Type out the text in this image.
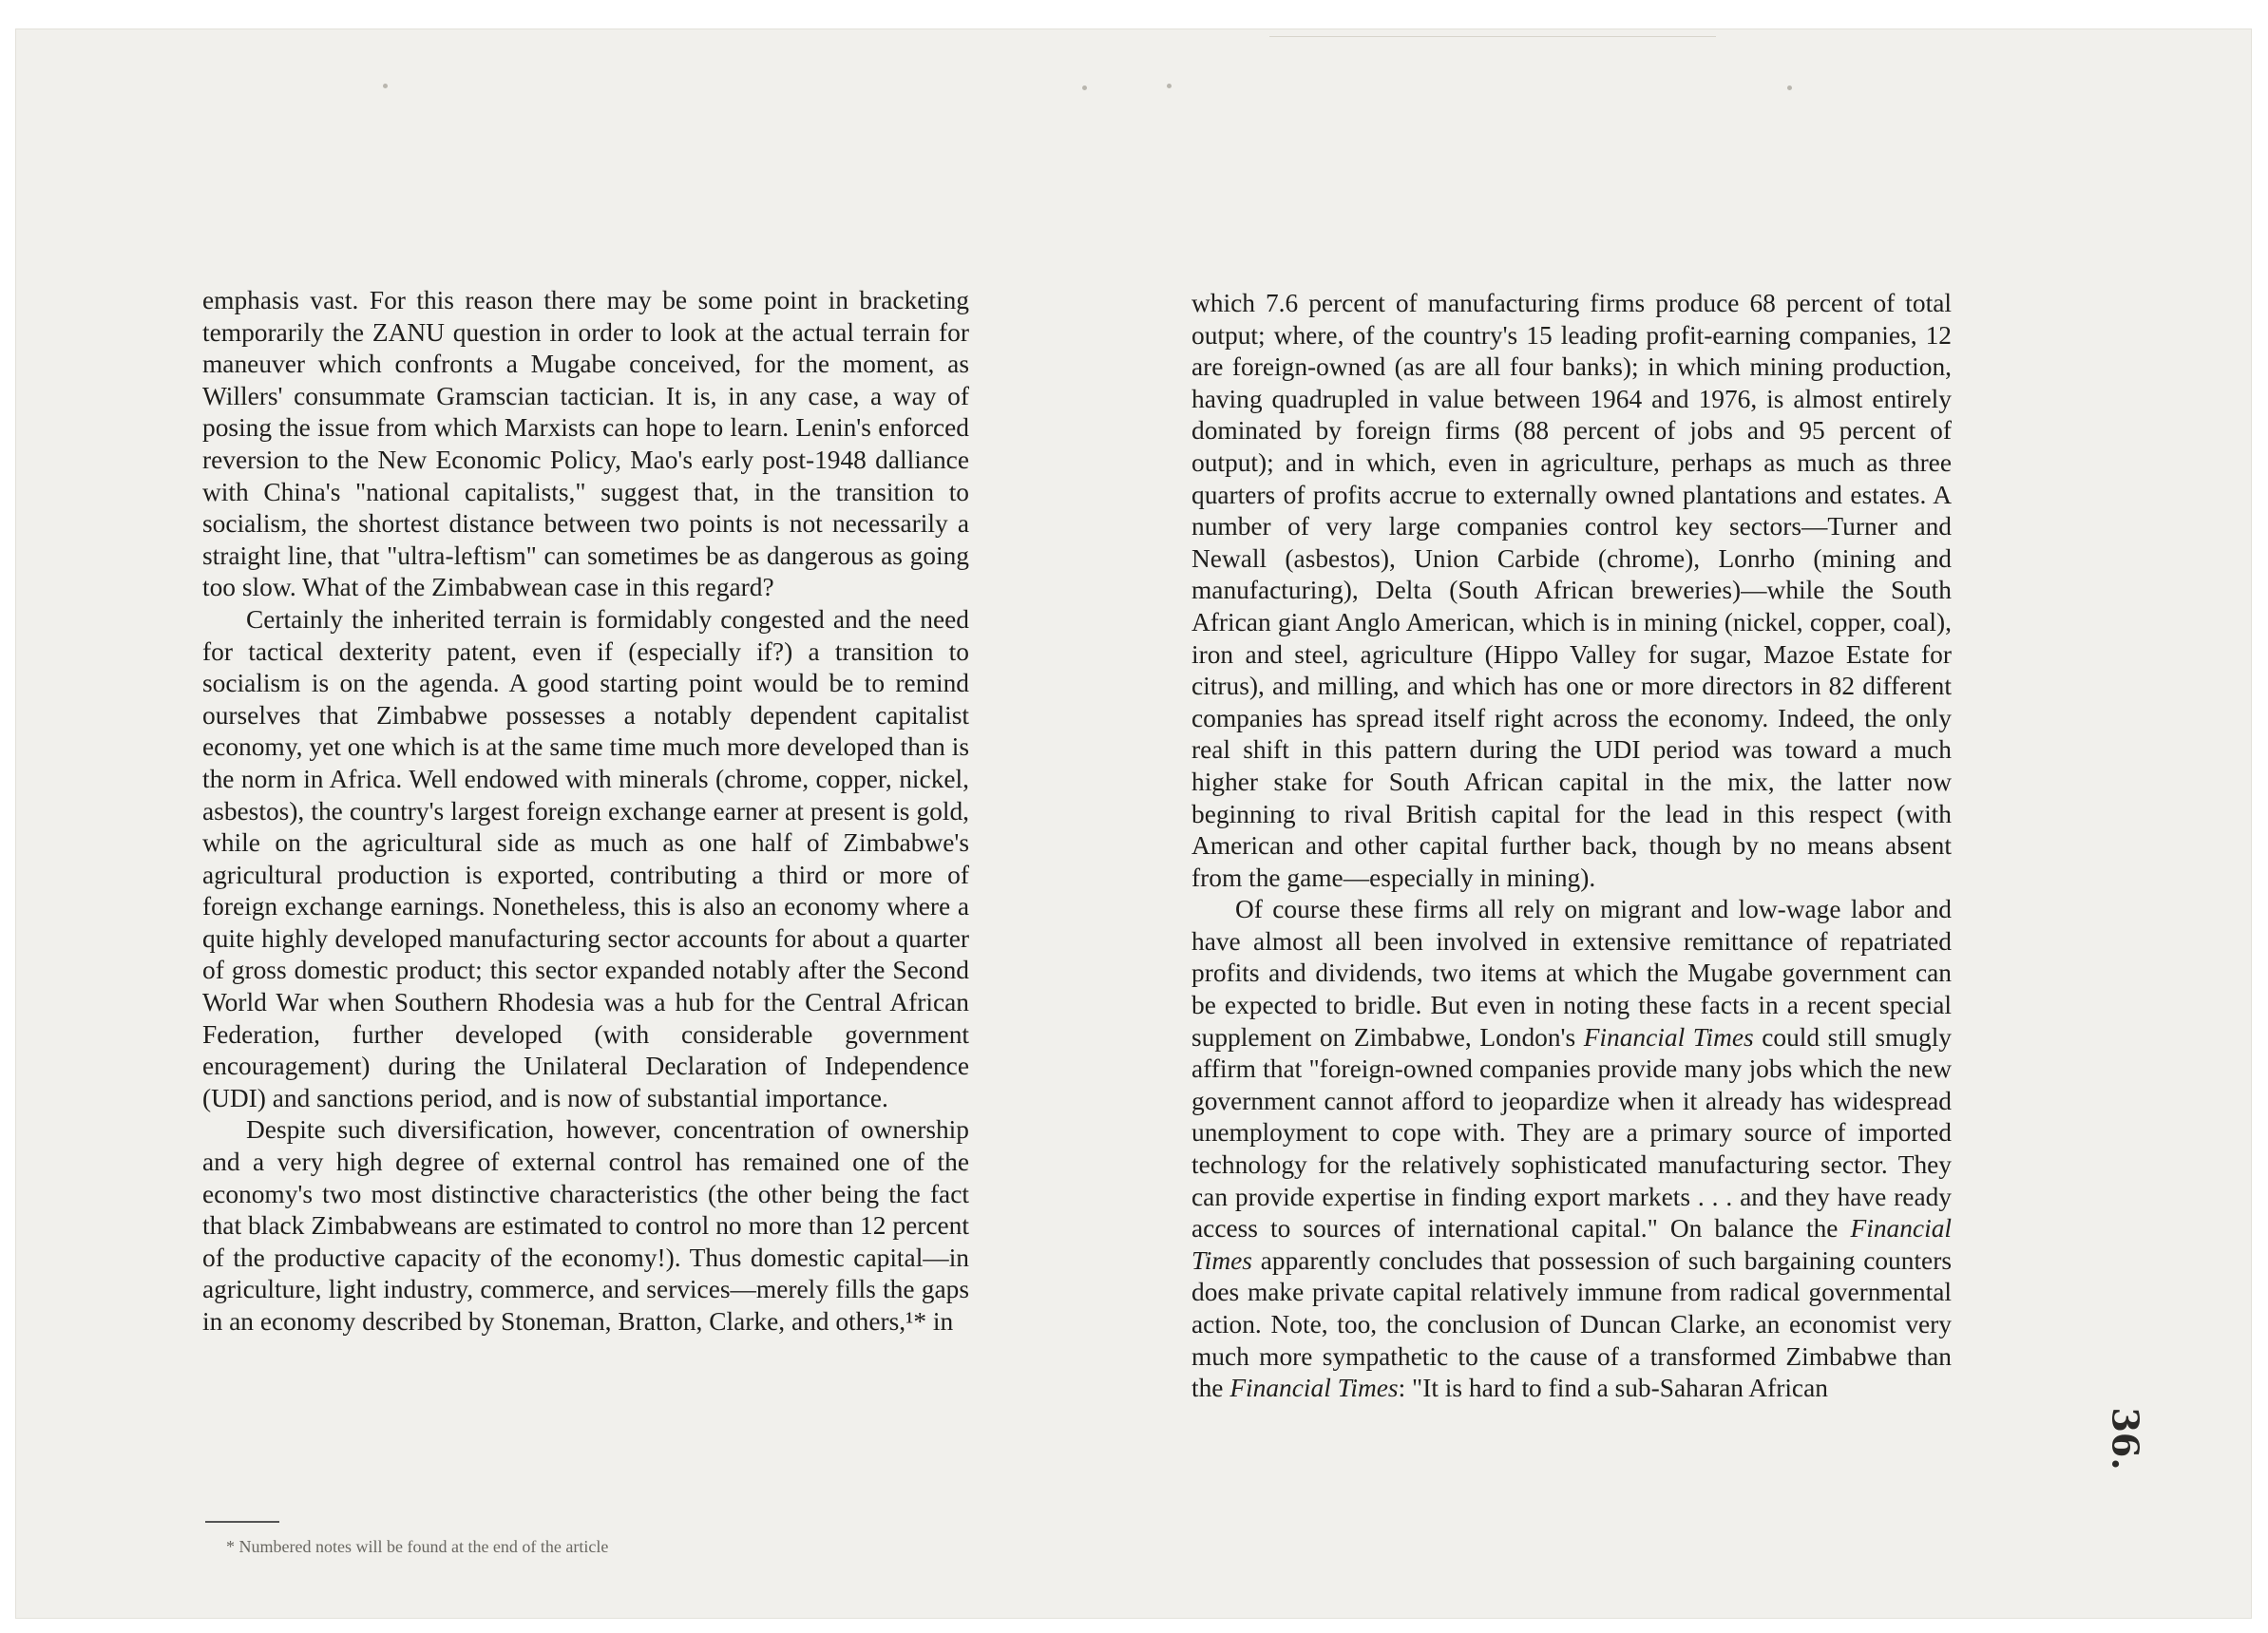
emphasis vast. For this reason there may be some point in bracketing temporarily the ZANU question in order to look at the actual terrain for maneuver which confronts a Mugabe conceived, for the moment, as Willers' consummate Gramscian tactician. It is, in any case, a way of posing the issue from which Marxists can hope to learn. Lenin's enforced reversion to the New Economic Policy, Mao's early post-1948 dalliance with China's "national capitalists," suggest that, in the transition to socialism, the shortest distance between two points is not necessarily a straight line, that "ultra-leftism" can sometimes be as dangerous as going too slow. What of the Zimbabwean case in this regard?

Certainly the inherited terrain is formidably congested and the need for tactical dexterity patent, even if (especially if?) a transition to socialism is on the agenda. A good starting point would be to remind ourselves that Zimbabwe possesses a notably dependent capitalist economy, yet one which is at the same time much more developed than is the norm in Africa. Well endowed with minerals (chrome, copper, nickel, asbestos), the country's largest foreign exchange earner at present is gold, while on the agricultural side as much as one half of Zimbabwe's agricultural production is exported, contributing a third or more of foreign exchange earnings. Nonetheless, this is also an economy where a quite highly developed manufacturing sector accounts for about a quarter of gross domestic product; this sector expanded notably after the Second World War when Southern Rhodesia was a hub for the Central African Federation, further developed (with considerable government encouragement) during the Unilateral Declaration of Independence (UDI) and sanctions period, and is now of substantial importance.

Despite such diversification, however, concentration of ownership and a very high degree of external control has remained one of the economy's two most distinctive characteristics (the other being the fact that black Zimbabweans are estimated to control no more than 12 percent of the productive capacity of the economy!). Thus domestic capital—in agriculture, light industry, commerce, and services—merely fills the gaps in an economy described by Stoneman, Bratton, Clarke, and others,¹* in

which 7.6 percent of manufacturing firms produce 68 percent of total output; where, of the country's 15 leading profit-earning companies, 12 are foreign-owned (as are all four banks); in which mining production, having quadrupled in value between 1964 and 1976, is almost entirely dominated by foreign firms (88 percent of jobs and 95 percent of output); and in which, even in agriculture, perhaps as much as three quarters of profits accrue to externally owned plantations and estates. A number of very large companies control key sectors—Turner and Newall (asbestos), Union Carbide (chrome), Lonrho (mining and manufacturing), Delta (South African breweries)—while the South African giant Anglo American, which is in mining (nickel, copper, coal), iron and steel, agriculture (Hippo Valley for sugar, Mazoe Estate for citrus), and milling, and which has one or more directors in 82 different companies has spread itself right across the economy. Indeed, the only real shift in this pattern during the UDI period was toward a much higher stake for South African capital in the mix, the latter now beginning to rival British capital for the lead in this respect (with American and other capital further back, though by no means absent from the game—especially in mining).

Of course these firms all rely on migrant and low-wage labor and have almost all been involved in extensive remittance of repatriated profits and dividends, two items at which the Mugabe government can be expected to bridle. But even in noting these facts in a recent special supplement on Zimbabwe, London's Financial Times could still smugly affirm that "foreign-owned companies provide many jobs which the new government cannot afford to jeopardize when it already has widespread unemployment to cope with. They are a primary source of imported technology for the relatively sophisticated manufacturing sector. They can provide expertise in finding export markets . . . and they have ready access to sources of international capital." On balance the Financial Times apparently concludes that possession of such bargaining counters does make private capital relatively immune from radical governmental action. Note, too, the conclusion of Duncan Clarke, an economist very much more sympathetic to the cause of a transformed Zimbabwe than the Financial Times: "It is hard to find a sub-Saharan African

* Numbered notes will be found at the end of the article
36.
